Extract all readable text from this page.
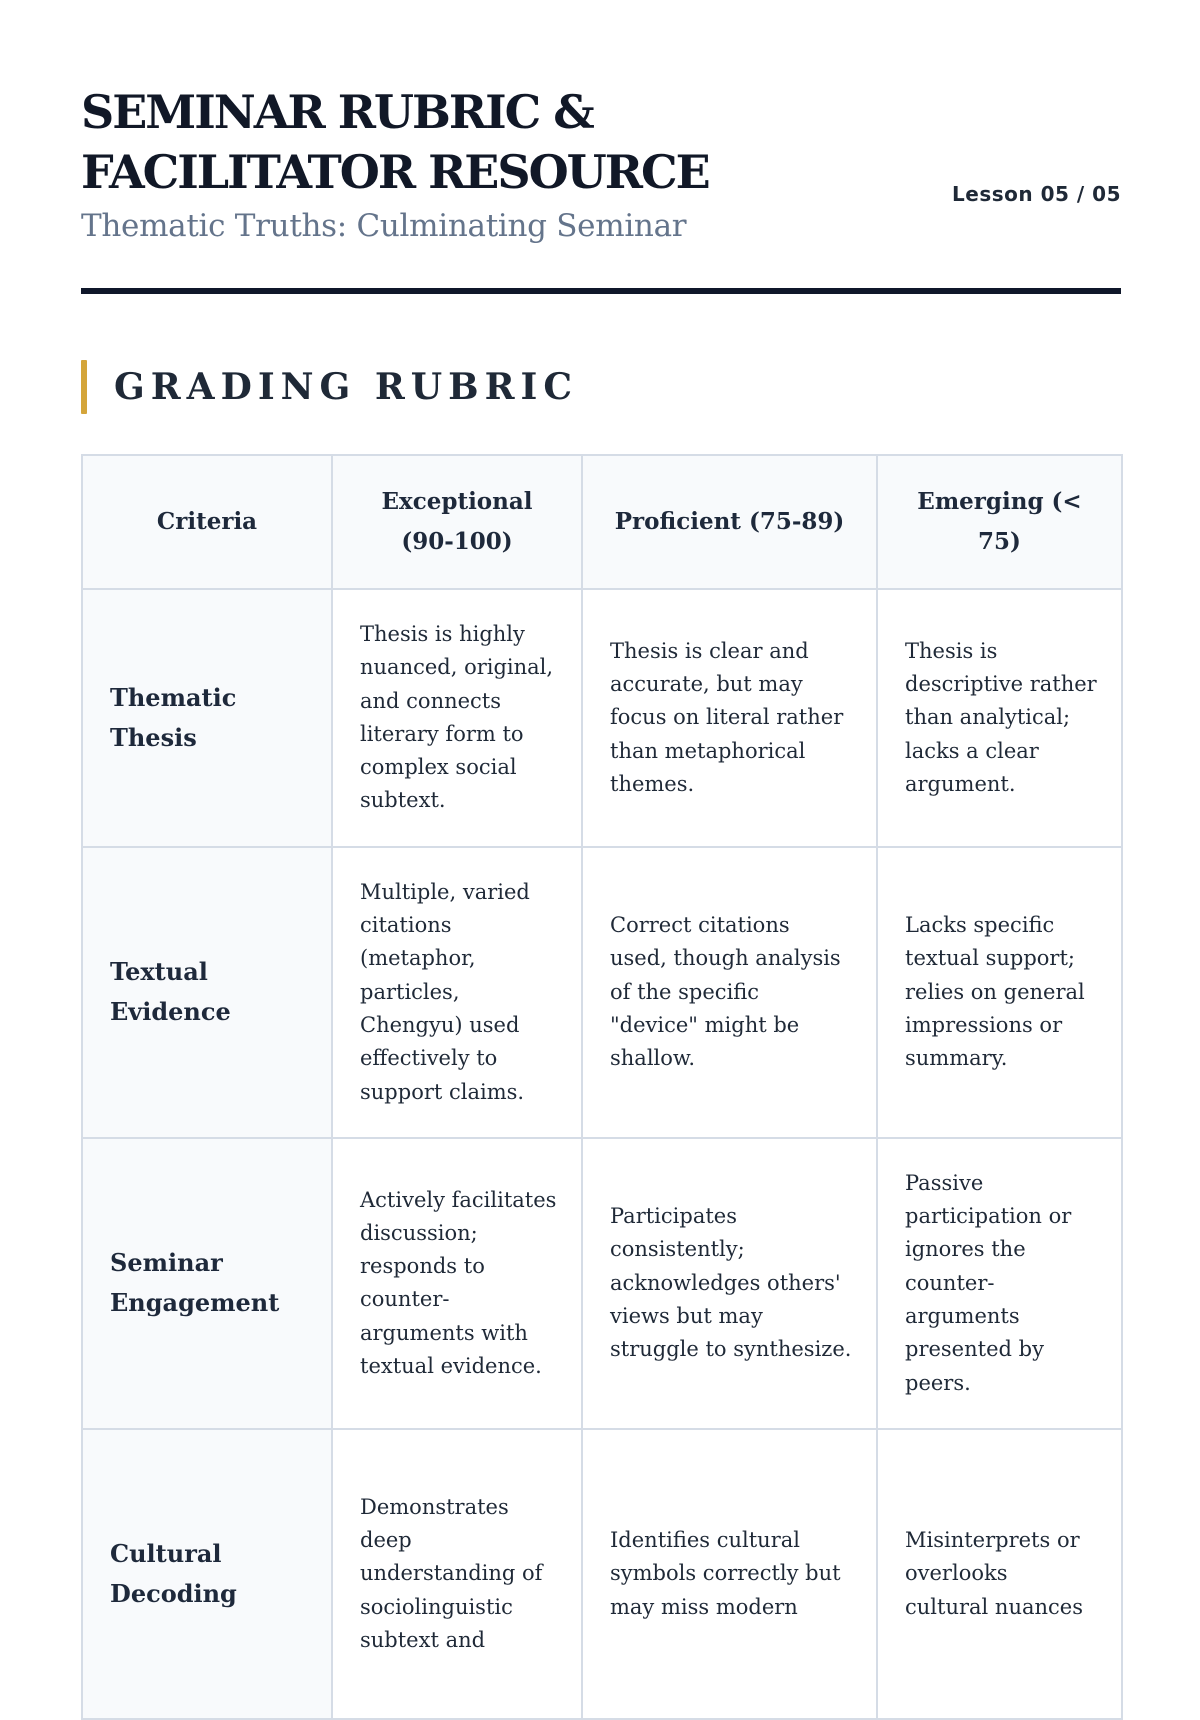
SEMINAR RUBRIC & FACILITATOR RESOURCE

Thematic Truths: Culminating Seminar

Lesson 05 / 05
GRADING RUBRIC
Criteria	Exceptional (90-100)	Proficient (75-89)	Emerging (< 75)
Thematic Thesis	Thesis is highly nuanced, original, and connects literary form to complex social subtext.	Thesis is clear and accurate, but may focus on literal rather than metaphorical themes.	Thesis is descriptive rather than analytical; lacks a clear argument.
Textual Evidence	Multiple, varied citations (metaphor, particles, Chengyu) used effectively to support claims.	Correct citations used, though analysis of the specific "device" might be shallow.	Lacks specific textual support; relies on general impressions or summary.
Seminar Engagement	Actively facilitates discussion; responds to counter-arguments with textual evidence.	Participates consistently; acknowledges others' views but may struggle to synthesize.	Passive participation or ignores the counter-arguments presented by peers.
Cultural Decoding	Demonstrates deep understanding of sociolinguistic subtext and	Identifies cultural symbols correctly but may miss modern	Misinterprets or overlooks cultural nuances
